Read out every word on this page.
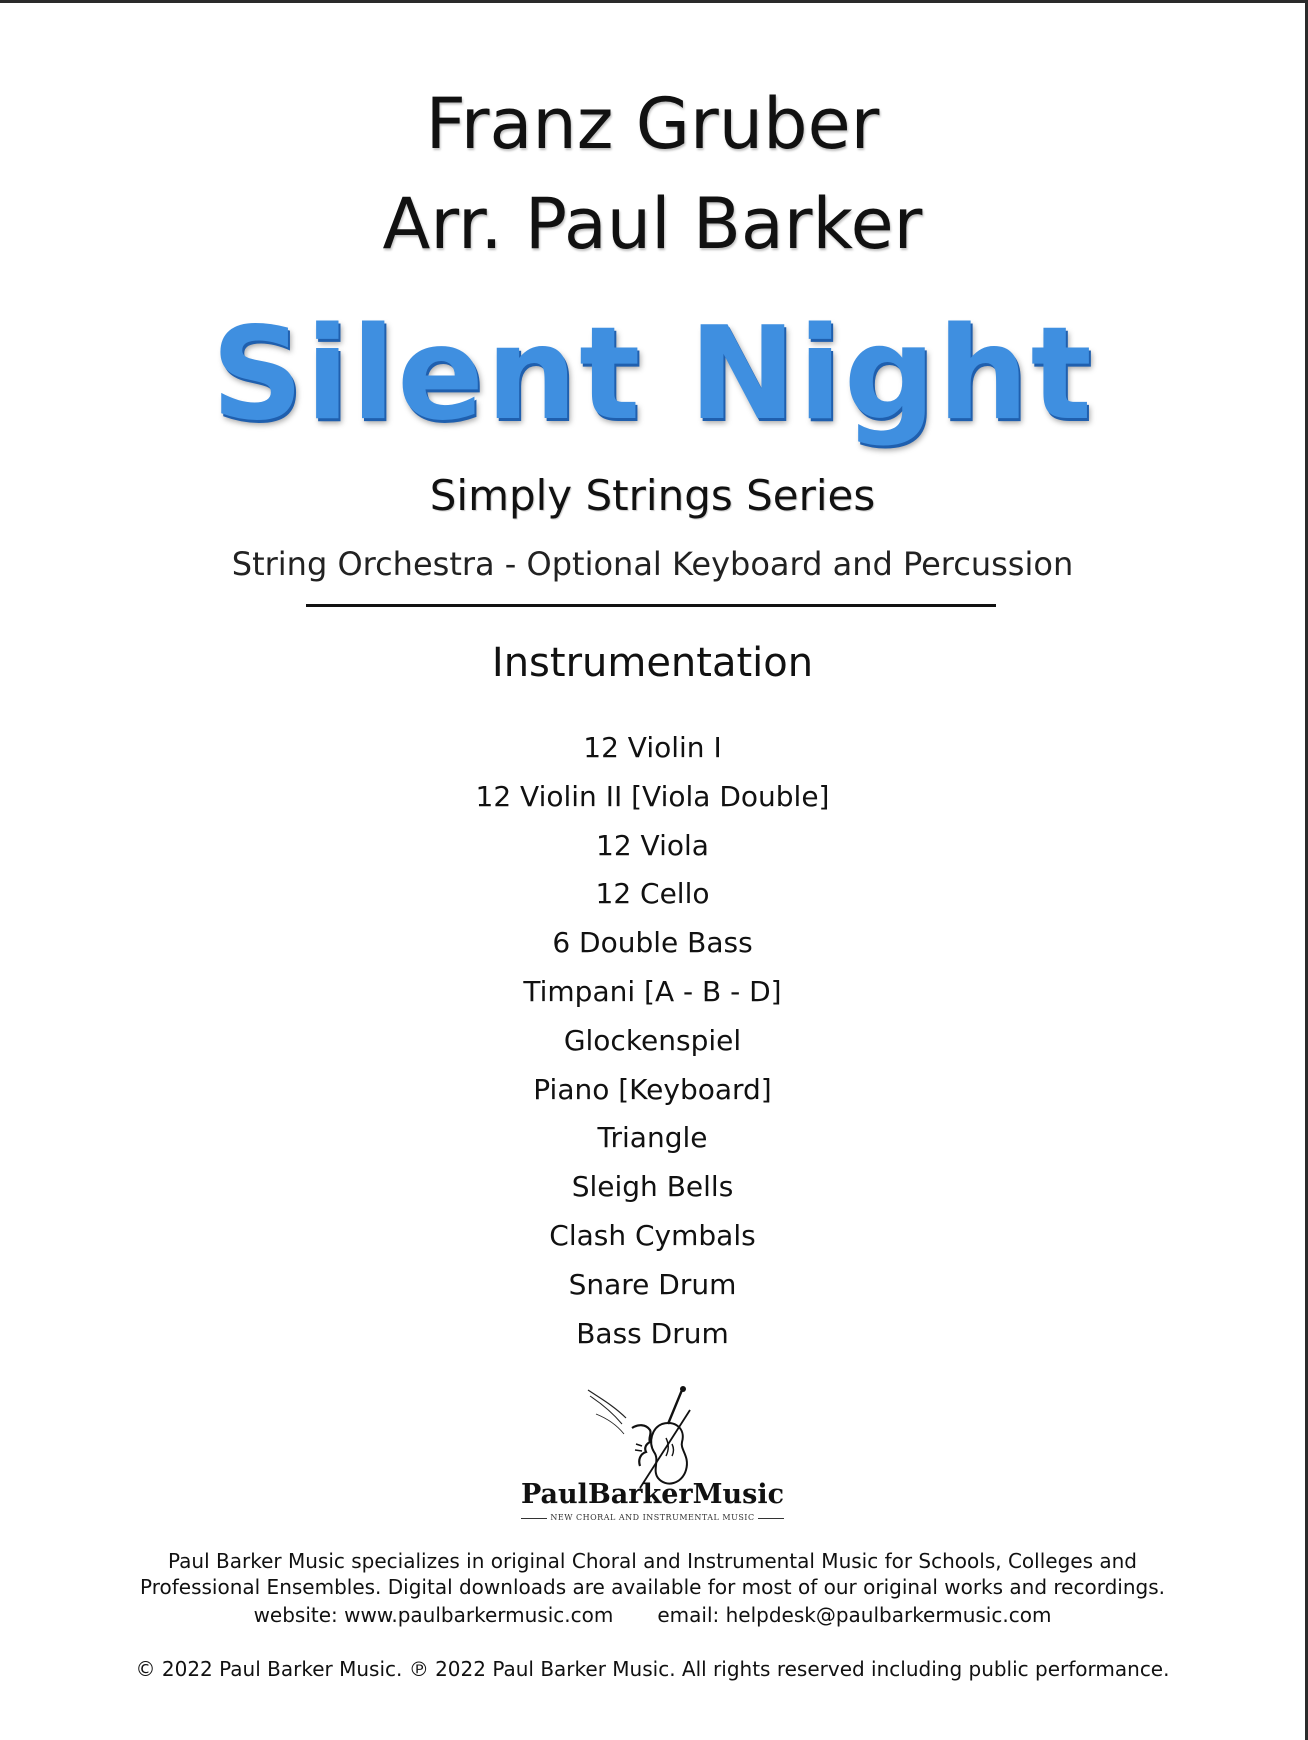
Franz Gruber
Arr. Paul Barker
Silent Night
Simply Strings Series
String Orchestra - Optional Keyboard and Percussion
Instrumentation
12 Violin I
12 Violin II [Viola Double]
12 Viola
12 Cello
6 Double Bass
Timpani [A - B - D]
Glockenspiel
Piano [Keyboard]
Triangle
Sleigh Bells
Clash Cymbals
Snare Drum
Bass Drum
PaulBarkerMusic
NEW CHORAL AND INSTRUMENTAL MUSIC
Paul Barker Music specializes in original Choral and Instrumental Music for Schools, Colleges and
Professional Ensembles. Digital downloads are available for most of our original works and recordings.
website: www.paulbarkermusic.com email: helpdesk@paulbarkermusic.com
© 2022 Paul Barker Music. ℗ 2022 Paul Barker Music. All rights reserved including public performance.
